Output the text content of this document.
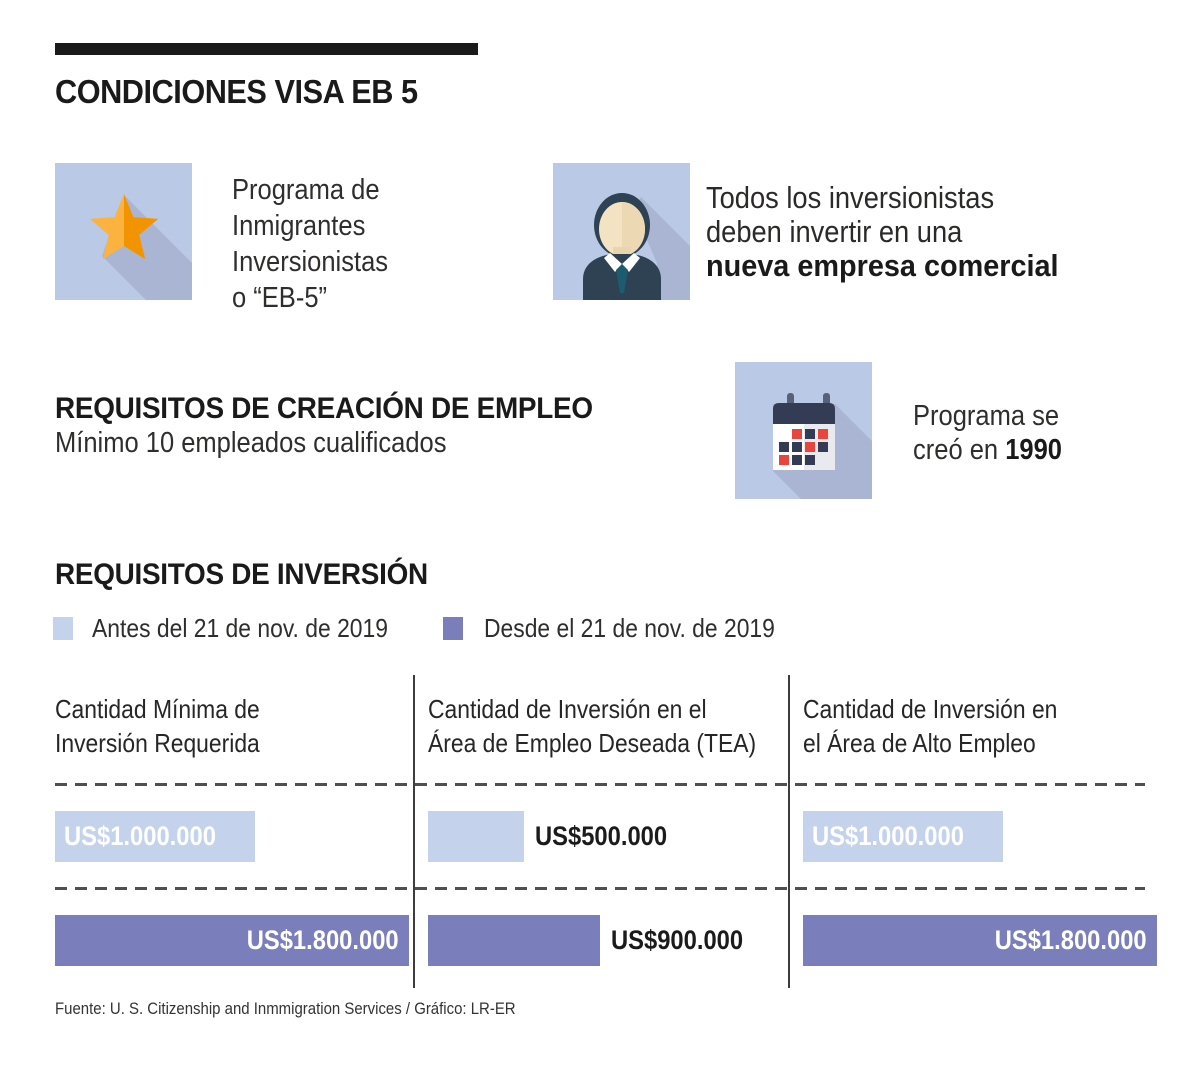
CONDICIONES VISA EB 5
Programa de
Inmigrantes
Inversionistas
o “EB-5”
Todos los inversionistas
deben invertir en una
nueva empresa comercial
REQUISITOS DE CREACIÓN DE EMPLEO
Mínimo 10 empleados cualificados
Programa se
creó en 1990
REQUISITOS DE INVERSIÓN
Antes del 21 de nov. de 2019	Desde el 21 de nov. de 2019
Cantidad Mínima de
Inversión Requerida
Cantidad de Inversión en el
Área de Empleo Deseada (TEA)
Cantidad de Inversión en
el Área de Alto Empleo
US$1.000.000	US$500.000	US$1.000.000
US$1.800.000	US$900.000	US$1.800.000
Fuente: U. S. Citizenship and Inmmigration Services / Gráfico: LR-ER
